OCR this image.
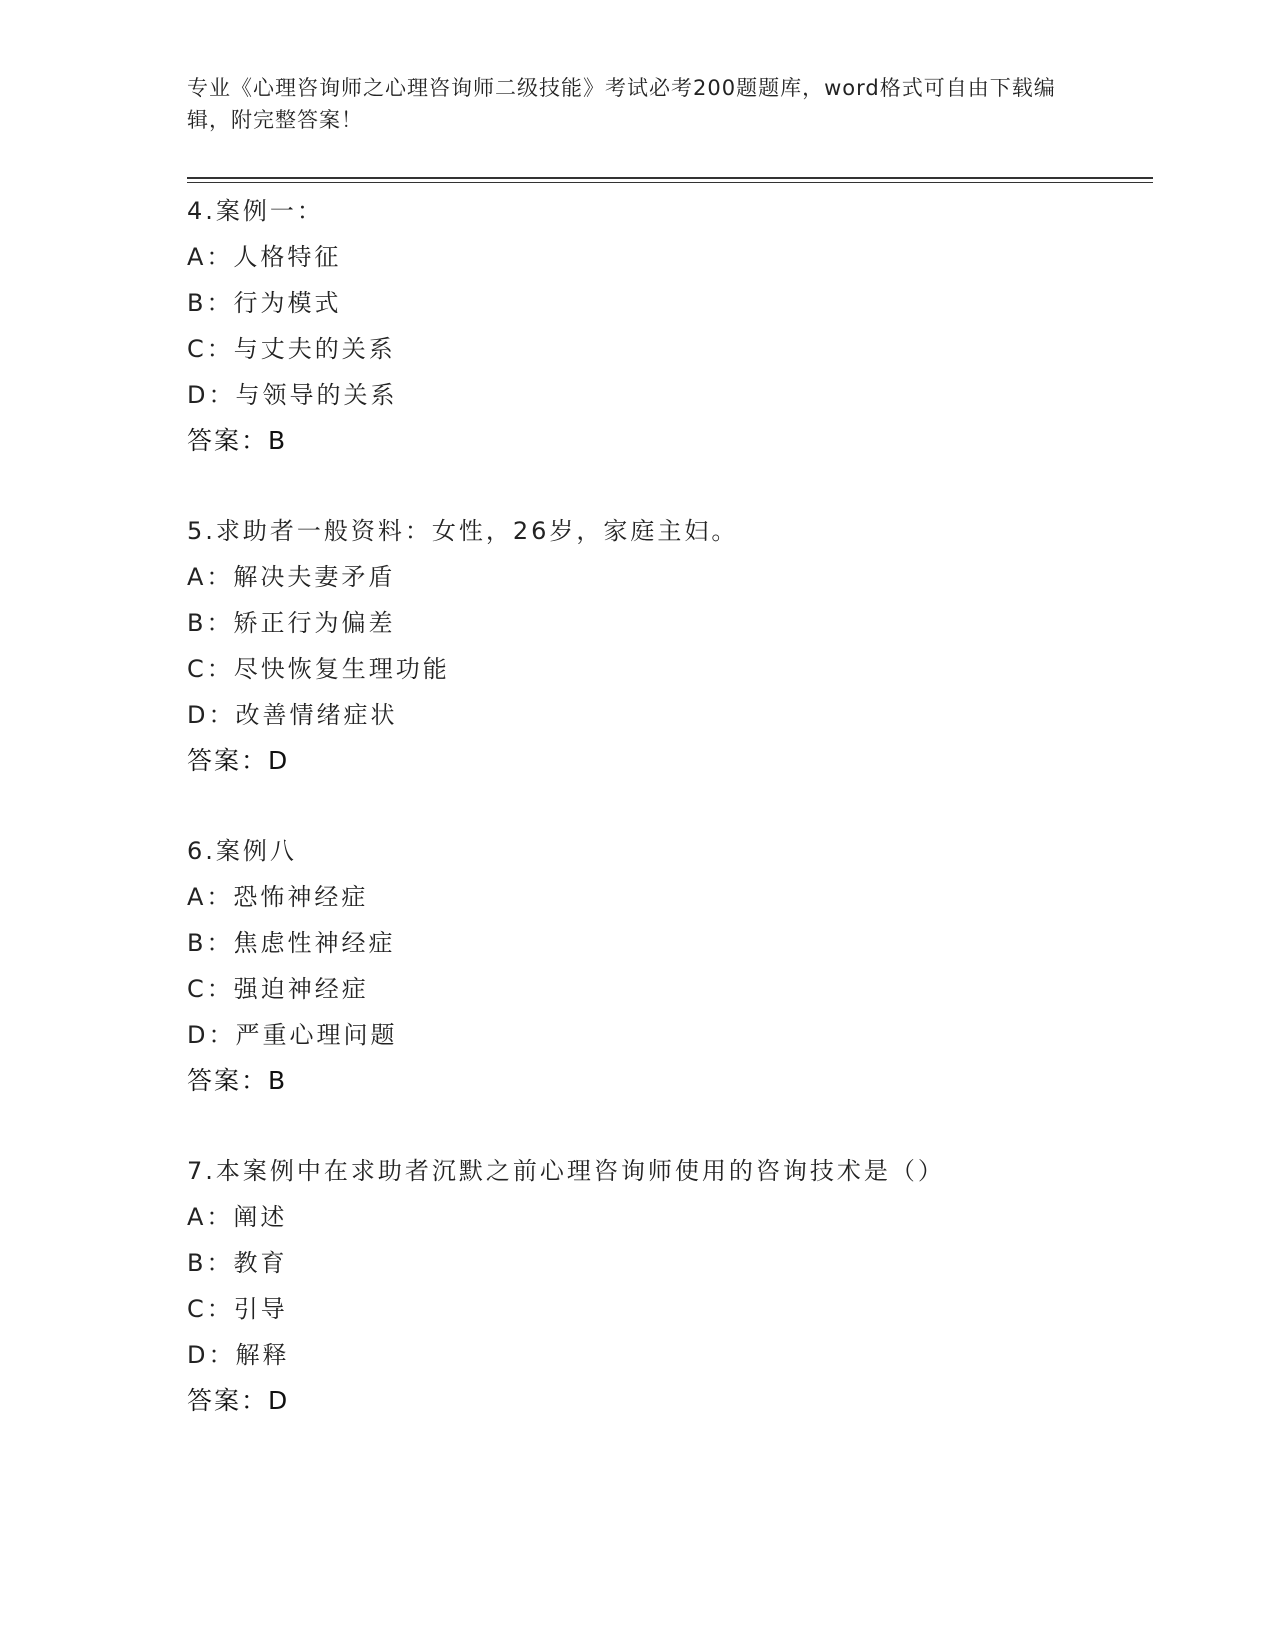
专业《心理咨询师之心理咨询师二级技能》考试必考200题题库，word格式可自由下载编辑，附完整答案！
4.案例一：
A：人格特征
B：行为模式
C：与丈夫的关系
D：与领导的关系
答案：B
5.求助者一般资料：女性，26岁，家庭主妇。
A：解决夫妻矛盾
B：矫正行为偏差
C：尽快恢复生理功能
D：改善情绪症状
答案：D
6.案例八
A：恐怖神经症
B：焦虑性神经症
C：强迫神经症
D：严重心理问题
答案：B
7.本案例中在求助者沉默之前心理咨询师使用的咨询技术是（）
A：阐述
B：教育
C：引导
D：解释
答案：D
